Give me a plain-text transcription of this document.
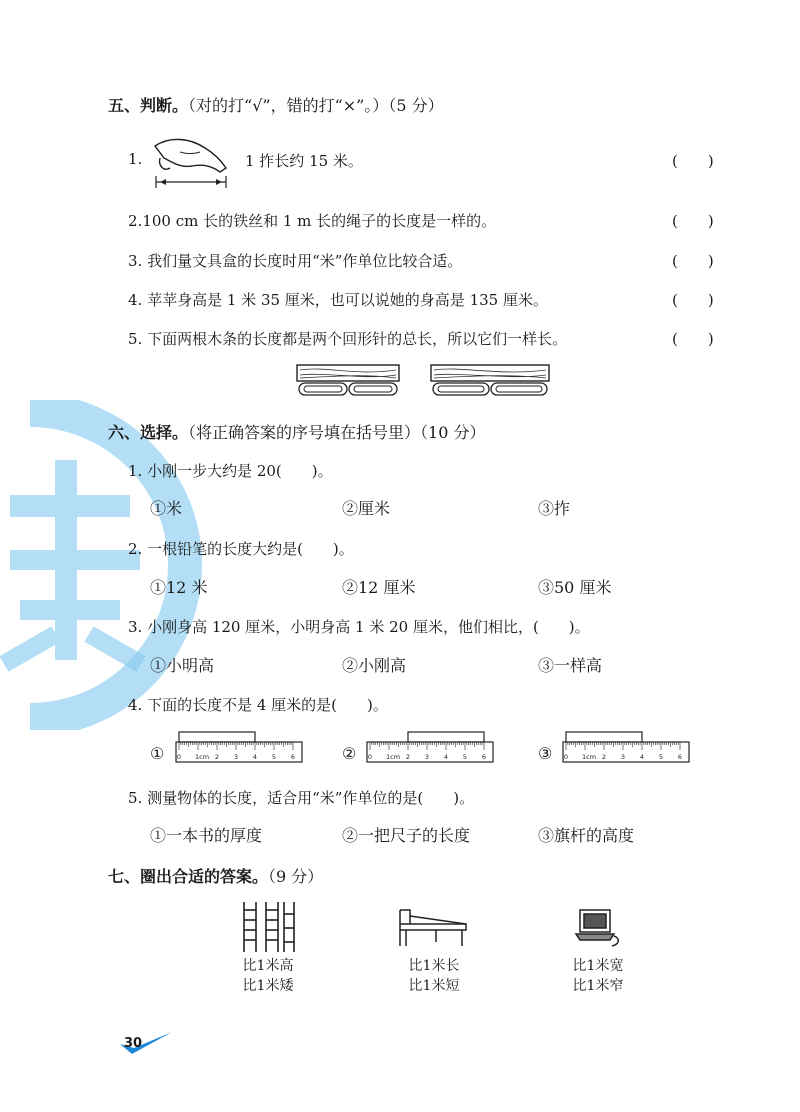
五、判断。（对的打“√”，错的打“×”。）（5 分）
1.	1 拃长约 15 米。	(　　)
2.100 cm 长的铁丝和 1 m 长的绳子的长度是一样的。	(　　)
3. 我们量文具盒的长度时用“米”作单位比较合适。	(　　)
4. 苹苹身高是 1 米 35 厘米，也可以说她的身高是 135 厘米。	(　　)
5. 下面两根木条的长度都是两个回形针的总长，所以它们一样长。	(　　)
六、选择。（将正确答案的序号填在括号里）（10 分）
1. 小刚一步大约是 20(　　)。
①米	②厘米	③拃
2. 一根铅笔的长度大约是(　　)。
①12 米	②12 厘米	③50 厘米
3. 小刚身高 120 厘米，小明身高 1 米 20 厘米，他们相比，(　　)。
①小明高	②小刚高	③一样高
4. 下面的长度不是 4 厘米的是(　　)。
①	②	③
0 1cm 2 3 4 5 6	0 1cm 2 3 4 5 6	0 1cm 2 3 4 5 6
5. 测量物体的长度，适合用“米”作单位的是(　　)。
①一本书的厚度	②一把尺子的长度	③旗杆的高度
七、圈出合适的答案。（9 分）
比1米高
比1米矮
比1米长
比1米短
比1米宽
比1米窄
30
